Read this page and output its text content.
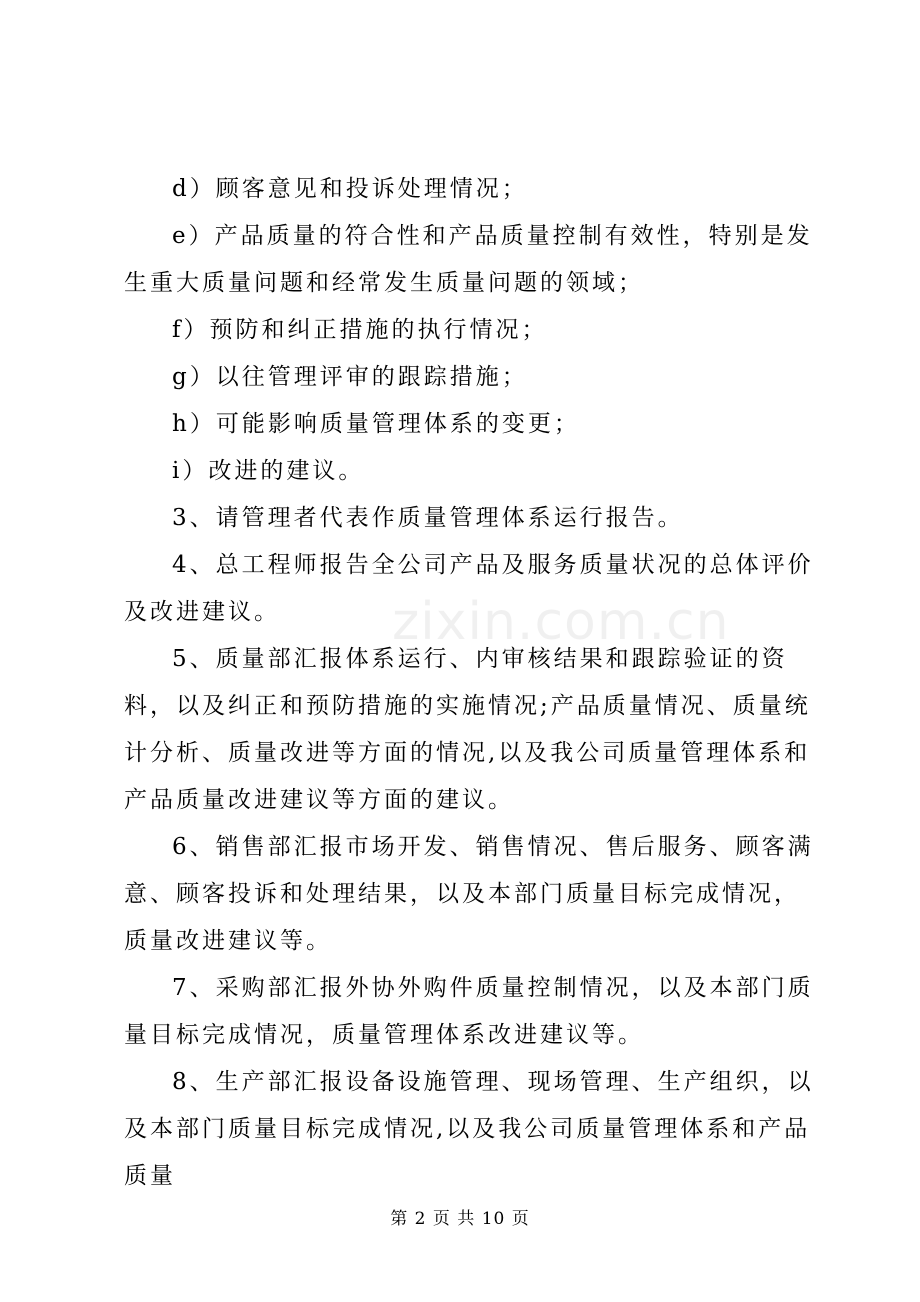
d）顾客意见和投诉处理情况；

e）产品质量的符合性和产品质量控制有效性，特别是发生重大质量问题和经常发生质量问题的领域；

f）预防和纠正措施的执行情况；

g）以往管理评审的跟踪措施；

h）可能影响质量管理体系的变更；

i）改进的建议。

3、请管理者代表作质量管理体系运行报告。

4、总工程师报告全公司产品及服务质量状况的总体评价及改进建议。

5、质量部汇报体系运行、内审核结果和跟踪验证的资料，以及纠正和预防措施的实施情况;产品质量情况、质量统计分析、质量改进等方面的情况,以及我公司质量管理体系和产品质量改进建议等方面的建议。

6、销售部汇报市场开发、销售情况、售后服务、顾客满意、顾客投诉和处理结果，以及本部门质量目标完成情况，质量改进建议等。

7、采购部汇报外协外购件质量控制情况，以及本部门质量目标完成情况，质量管理体系改进建议等。

8、生产部汇报设备设施管理、现场管理、生产组织，以及本部门质量目标完成情况,以及我公司质量管理体系和产品质量

zixin.com.cn
第 2 页 共 10 页
